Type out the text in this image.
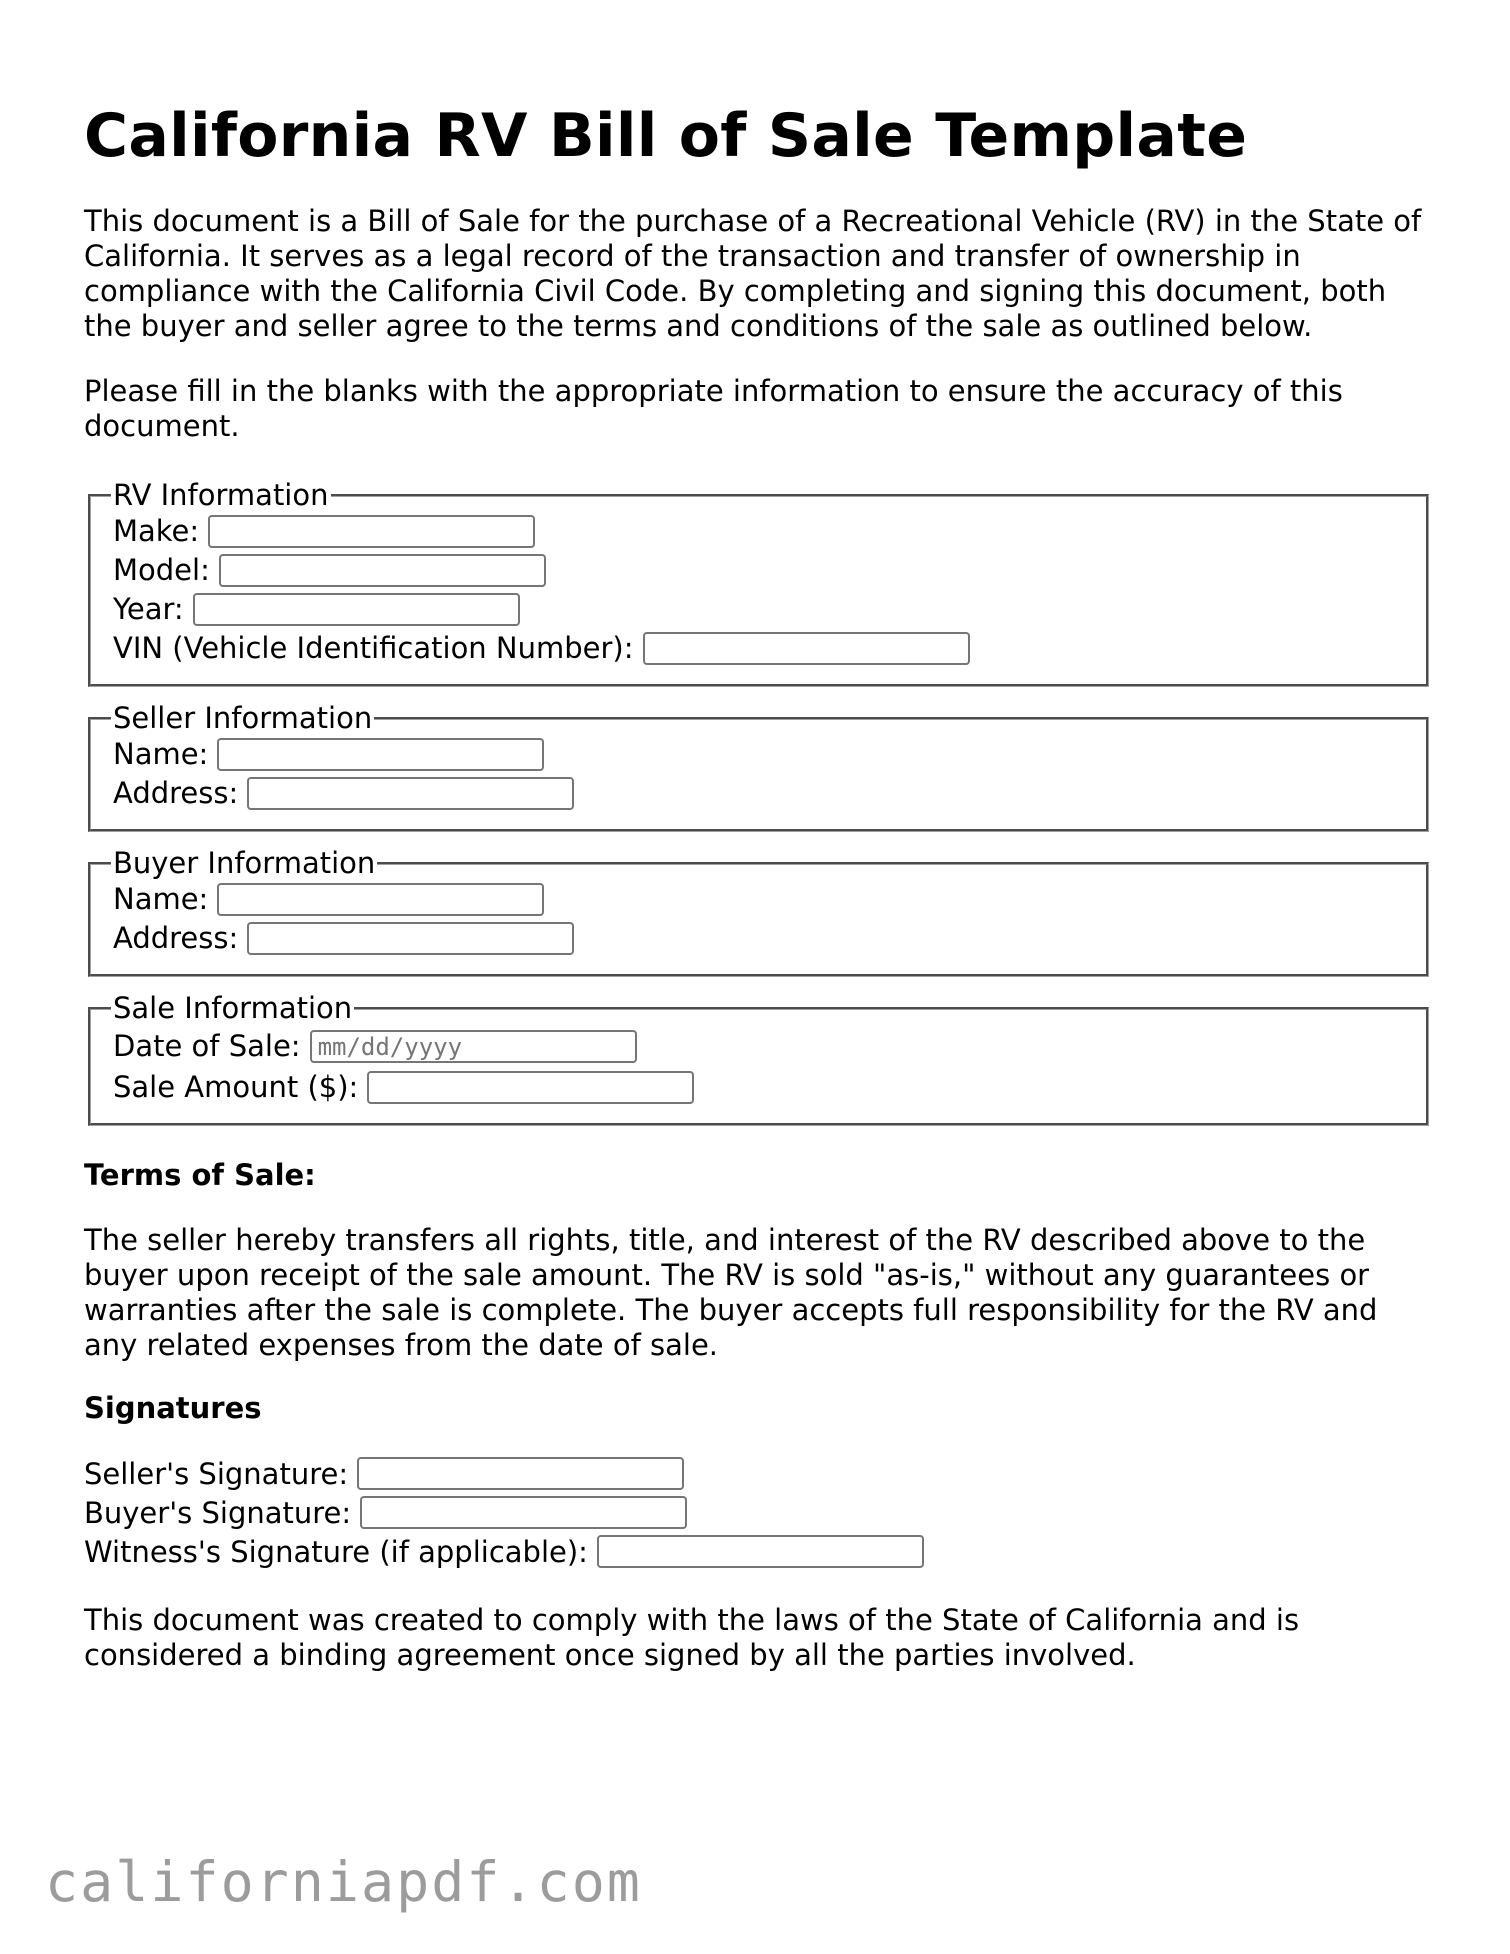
California RV Bill of Sale Template

This document is a Bill of Sale for the purchase of a Recreational Vehicle (RV) in the State of California. It serves as a legal record of the transaction and transfer of ownership in compliance with the California Civil Code. By completing and signing this document, both the buyer and seller agree to the terms and conditions of the sale as outlined below.

Please fill in the blanks with the appropriate information to ensure the accuracy of this document.

RV Information
Make:
Model:
Year:
VIN (Vehicle Identification Number):
Seller Information
Name:
Address:
Buyer Information
Name:
Address:
Sale Information
Date of Sale:
mm/dd/yyyy
Sale Amount ($):

Terms of Sale:

The seller hereby transfers all rights, title, and interest of the RV described above to the buyer upon receipt of the sale amount. The RV is sold "as-is," without any guarantees or warranties after the sale is complete. The buyer accepts full responsibility for the RV and any related expenses from the date of sale.

Signatures

Seller's Signature:
Buyer's Signature:
Witness's Signature (if applicable):

This document was created to comply with the laws of the State of California and is considered a binding agreement once signed by all the parties involved.

californiapdf.com
